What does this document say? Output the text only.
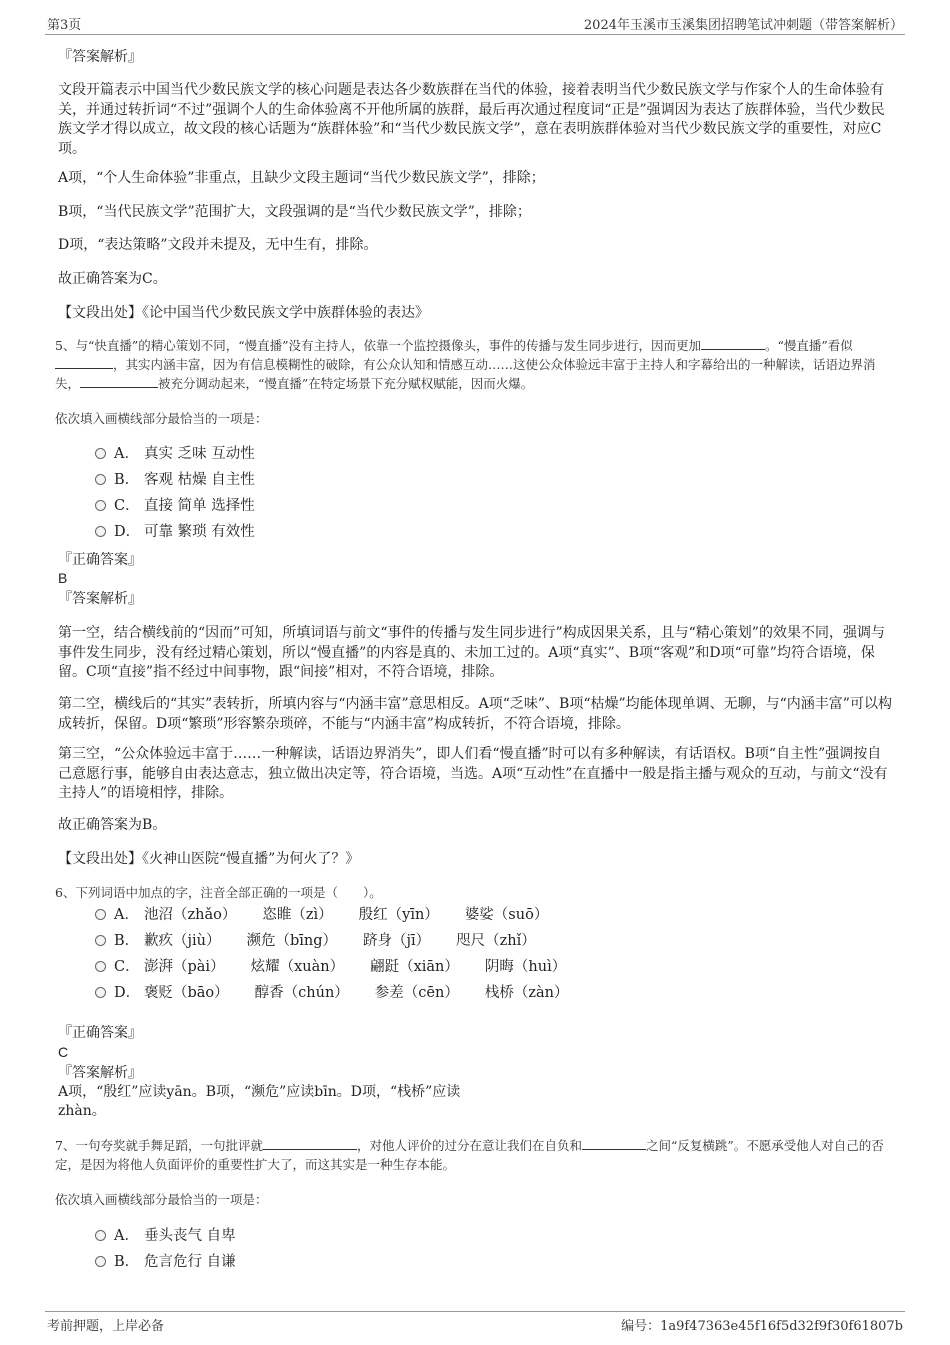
第3页	2024年玉溪市玉溪集团招聘笔试冲刺题（带答案解析）
『答案解析』

文段开篇表示中国当代少数民族文学的核心问题是表达各少数族群在当代的体验，接着表明当代少数民族文学与作家个人的生命体验有关，并通过转折词“不过”强调个人的生命体验离不开他所属的族群，最后再次通过程度词“正是”强调因为表达了族群体验，当代少数民族文学才得以成立，故文段的核心话题为“族群体验”和“当代少数民族文学”，意在表明族群体验对当代少数民族文学的重要性，对应C项。

A项，“个人生命体验”非重点，且缺少文段主题词“当代少数民族文学”，排除；

B项，“当代民族文学”范围扩大，文段强调的是“当代少数民族文学”，排除；

D项，“表达策略”文段并未提及，无中生有，排除。

故正确答案为C。

【文段出处】《论中国当代少数民族文学中族群体验的表达》

5、与“快直播”的精心策划不同，“慢直播”没有主持人，依靠一个监控摄像头，事件的传播与发生同步进行，因而更加	。“慢直播”看似，其实内涵丰富，因为有信息模糊性的破除，有公众认知和情感互动……这使公众体验远丰富于主持人和字幕给出的一种解读，话语边界消失，	被充分调动起来，“慢直播”在特定场景下充分赋权赋能，因而火爆。

依次填入画横线部分最恰当的一项是：

A． 真实 乏味 互动性
B． 客观 枯燥 自主性
C． 直接 简单 选择性
D． 可靠 繁琐 有效性
『正确答案』
B
『答案解析』

第一空，结合横线前的“因而”可知，所填词语与前文“事件的传播与发生同步进行”构成因果关系，且与“精心策划”的效果不同，强调与事件发生同步，没有经过精心策划，所以“慢直播”的内容是真的、未加工过的。A项“真实”、B项“客观”和D项“可靠”均符合语境，保留。C项“直接”指不经过中间事物，跟“间接”相对，不符合语境，排除。

第二空，横线后的“其实”表转折，所填内容与“内涵丰富”意思相反。A项“乏味”、B项“枯燥”均能体现单调、无聊，与“内涵丰富”可以构成转折，保留。D项“繁琐”形容繁杂琐碎，不能与“内涵丰富”构成转折，不符合语境，排除。

第三空，“公众体验远丰富于……一种解读，话语边界消失”，即人们看“慢直播”时可以有多种解读，有话语权。B项“自主性”强调按自己意愿行事，能够自由表达意志，独立做出决定等，符合语境，当选。A项“互动性”在直播中一般是指主播与观众的互动，与前文“没有主持人”的语境相悖，排除。

故正确答案为B。

【文段出处】《火神山医院“慢直播”为何火了？》

6、下列词语中加点的字，注音全部正确的一项是（　　）。

A． 池沼（zhǎo） 恣睢（zì） 殷红（yīn） 婆娑（suō）
B． 歉疚（jiù） 濒危（bīng） 跻身（jī） 咫尺（zhǐ）
C． 澎湃（pài） 炫耀（xuàn） 翩跹（xiān） 阴晦（huì）
D． 褒贬（bāo） 醇香（chún） 参差（cēn） 栈桥（zàn）
『正确答案』
C
『答案解析』
A项，“殷红”应读yān。B项，“濒危”应读bīn。D项，“栈桥”应读
zhàn。

7、一句夸奖就手舞足蹈，一句批评就	，对他人评价的过分在意让我们在自负和	之间“反复横跳”。不愿承受他人对自己的否定，是因为将他人负面评价的重要性扩大了，而这其实是一种生存本能。

依次填入画横线部分最恰当的一项是：

A． 垂头丧气 自卑
B． 危言危行 自谦
考前押题，上岸必备	编号：1a9f47363e45f16f5d32f9f30f61807b
